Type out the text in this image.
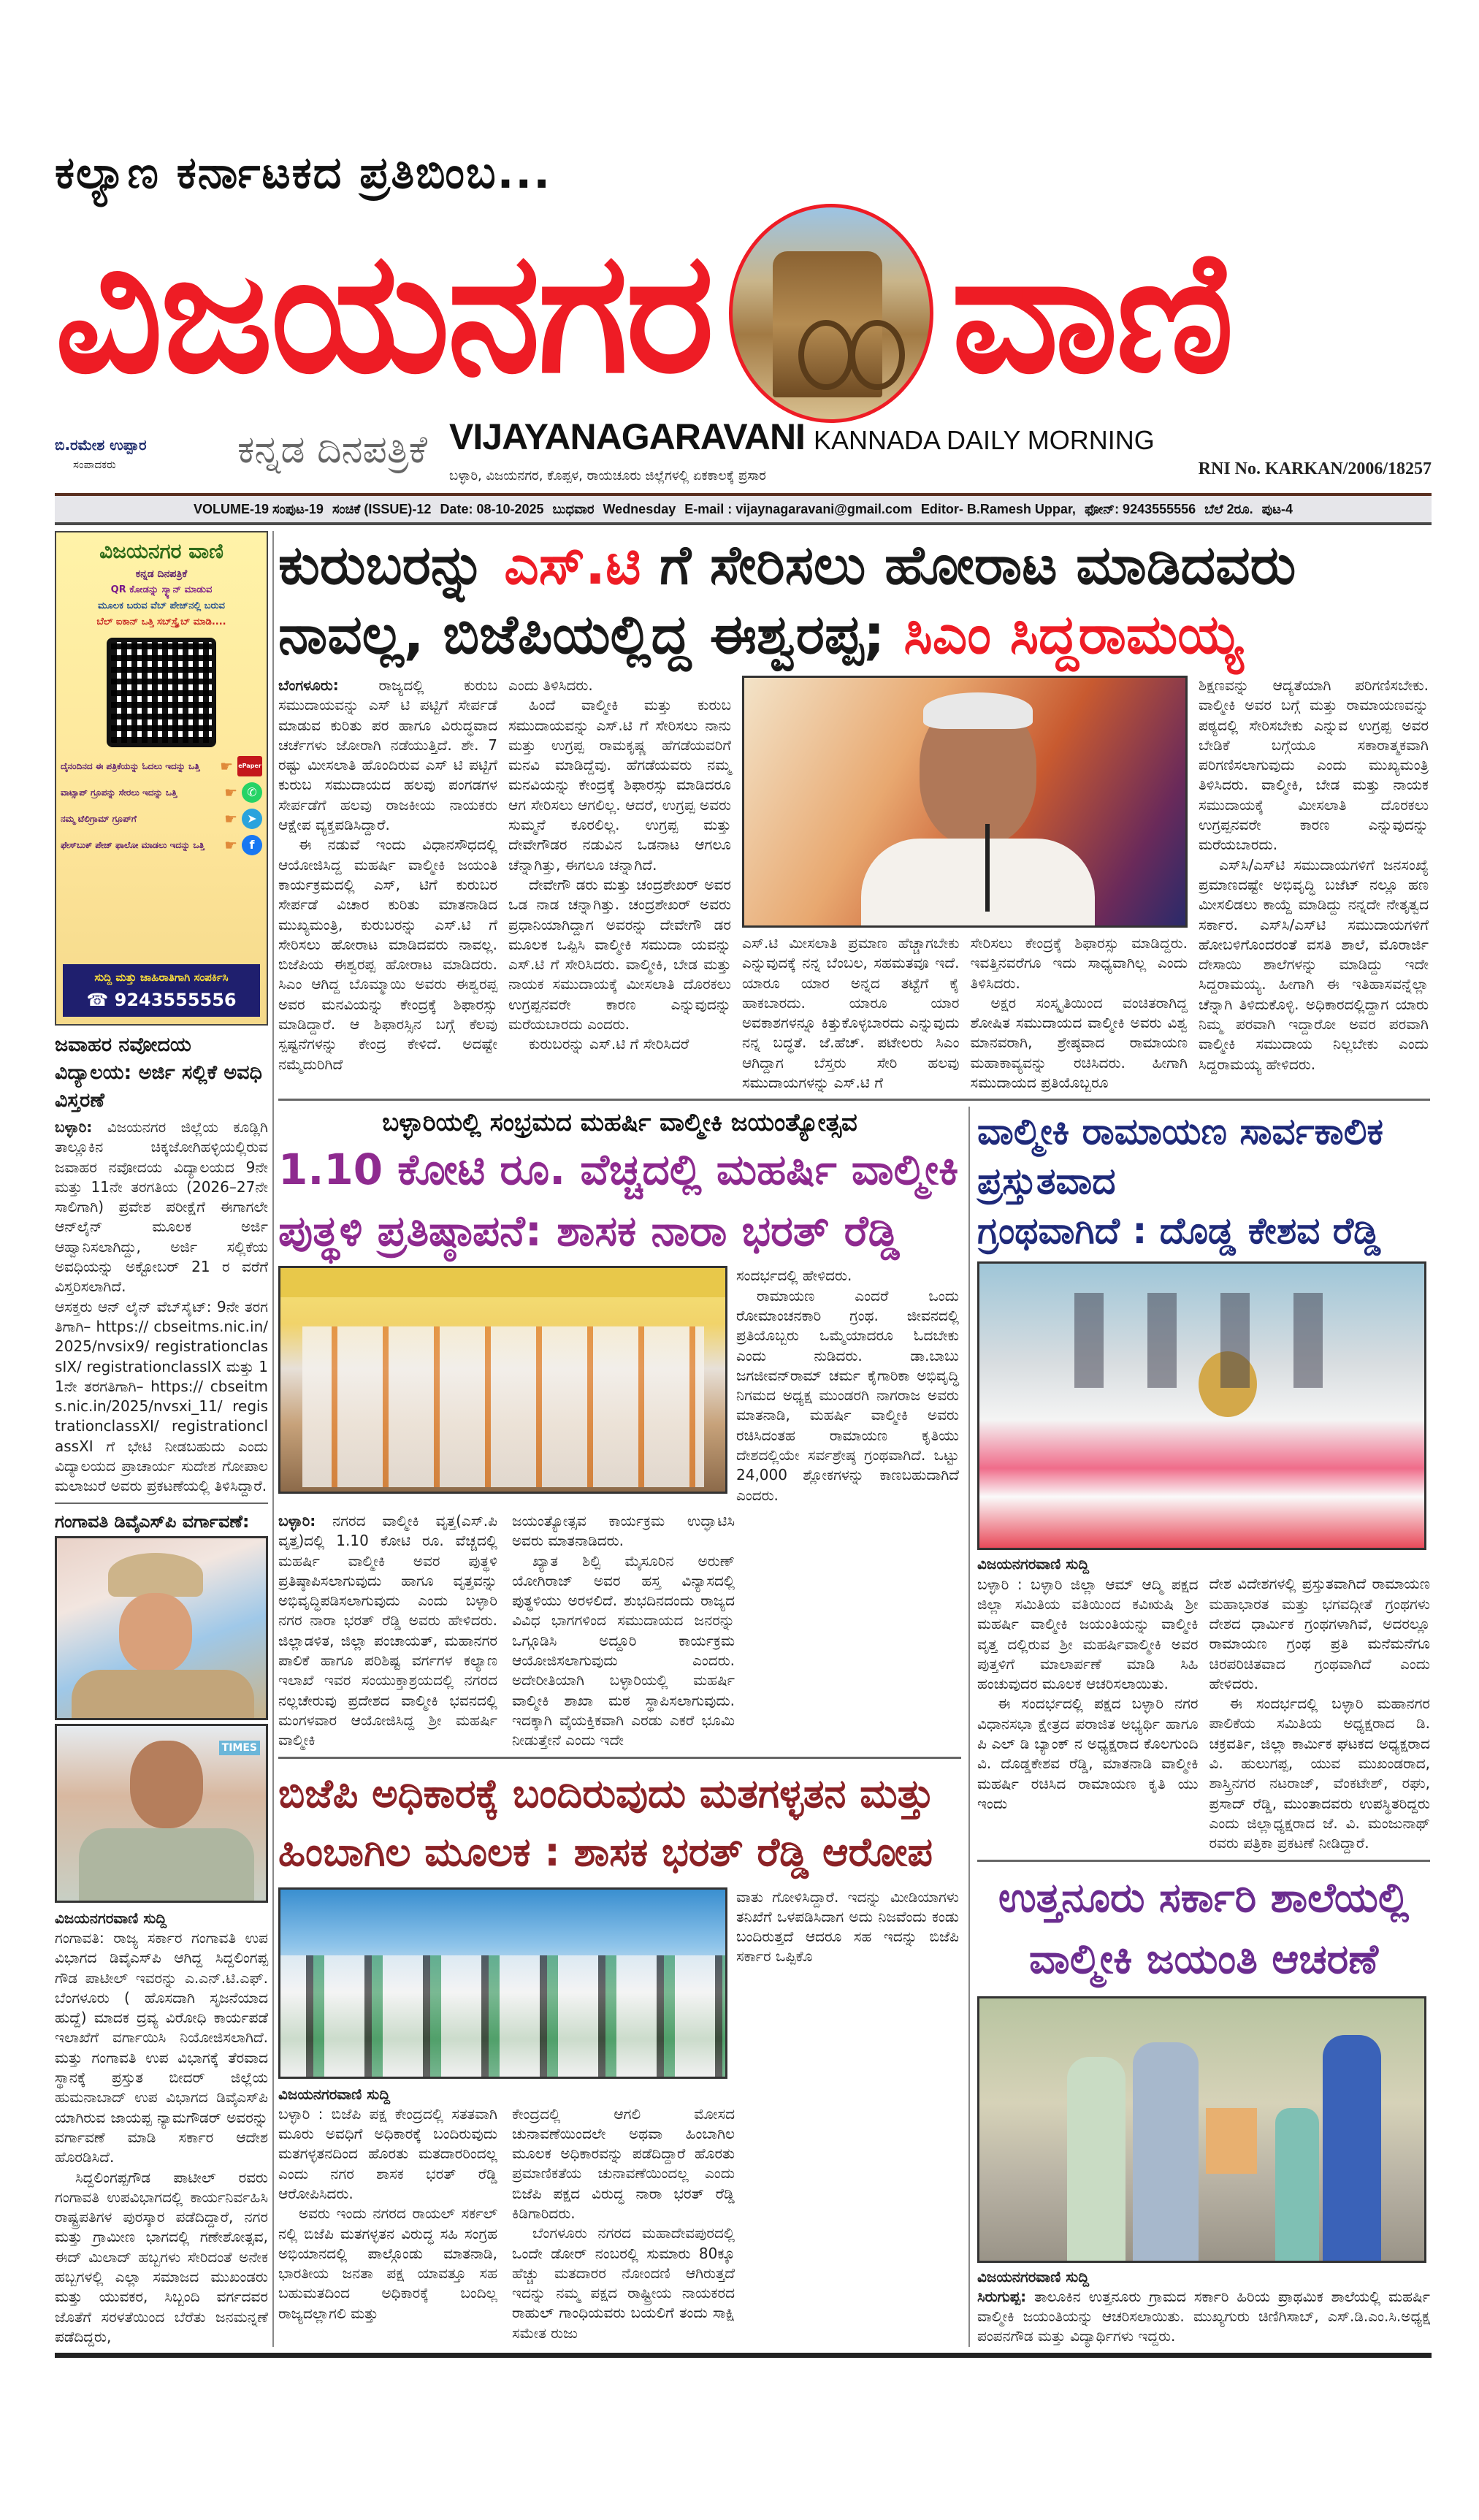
ಕಲ್ಯಾಣ ಕರ್ನಾಟಕದ ಪ್ರತಿಬಿಂಬ...
ವಿಜಯನಗರ ವಾಣಿ
ಬಿ.ರಮೇಶ ಉಪ್ಪಾರ
ಸಂಪಾದಕರು	ಕನ್ನಡ ದಿನಪತ್ರಿಕೆ VIJAYANAGARAVANI KANNADA DAILY MORNING
ಬಳ್ಳಾರಿ, ವಿಜಯನಗರ, ಕೊಪ್ಪಳ, ರಾಯಚೂರು ಜಿಲ್ಲೆಗಳಲ್ಲಿ ಏಕಕಾಲಕ್ಕೆ ಪ್ರಸಾರ	RNI No. KARKAN/2006/18257
VOLUME-19 ಸಂಪುಟ-19 ಸಂಚಿಕೆ (ISSUE)-12 Date: 08-10-2025 ಬುಧವಾರ Wednesday E-mail : vijaynagaravani@gmail.com Editor- B.Ramesh Uppar, ಫೋನ್: 9243555556 ಬೆಲೆ 2ರೂ. ಪುಟ-4
ವಿಜಯನಗರ ವಾಣಿ
ಕನ್ನಡ ದಿನಪತ್ರಿಕೆ
QR ಕೋಡನ್ನು ಸ್ಕ್ಯಾನ್ ಮಾಡುವ
ಮೂಲಕ ಬರುವ ವೆಬ್ ಪೇಜ್‌ನಲ್ಲಿ ಬರುವ
ಬೆಲ್ ಐಕಾನ್ ಒತ್ತಿ ಸಬ್‌ಸ್ಕ್ರೈಬ್ ಮಾಡಿ....
ದೈನಂದಿನದ ಈ ಪತ್ರಿಕೆಯನ್ನು ಓದಲು ಇದನ್ನು ಒತ್ತಿ	☛ ePaper
ವಾಟ್ಸಾಪ್ ಗ್ರೂಪನ್ನು ಸೇರಲು ಇದನ್ನು ಒತ್ತಿ	☛ ✆
ನಮ್ಮ ಟೆಲಿಗ್ರಾಮ್ ಗ್ರೂಪ್‌ಗೆ	☛ ➤
ಫೇಸ್‌ಬುಕ್ ಪೇಜ್ ಫಾಲೋ ಮಾಡಲು ಇದನ್ನು ಒತ್ತಿ	☛	f
ಸುದ್ದಿ ಮತ್ತು ಜಾಹಿರಾತಿಗಾಗಿ ಸಂಪರ್ಕಿಸಿ
☎ 9243555556
ಜವಾಹರ ನವೋದಯ ವಿದ್ಯಾಲಯ: ಅರ್ಜಿ ಸಲ್ಲಿಕೆ ಅವಧಿ ವಿಸ್ತರಣೆ

ಬಳ್ಳಾರಿ: ವಿಜಯನಗರ ಜಿಲ್ಲೆಯ ಕೂಡ್ಲಿಗಿ ತಾಲ್ಲೂಕಿನ ಚಿಕ್ಕಜೋಗಿಹಳ್ಳಿಯಲ್ಲಿರುವ ಜವಾಹರ ನವೋದಯ ವಿದ್ಯಾಲಯದ 9ನೇ ಮತ್ತು 11ನೇ ತರಗತಿಯ (2026–27ನೇ ಸಾಲಿಗಾಗಿ) ಪ್ರವೇಶ ಪರೀಕ್ಷೆಗೆ ಈಗಾಗಲೇ ಆನ್‌ಲೈನ್ ಮೂಲಕ ಅರ್ಜಿ ಆಹ್ವಾನಿಸಲಾಗಿದ್ದು, ಅರ್ಜಿ ಸಲ್ಲಿಕೆಯ ಅವಧಿಯನ್ನು ಅಕ್ಟೋಬರ್ 21 ರ ವರೆಗೆ ವಿಸ್ತರಿಸಲಾಗಿದೆ.

ಆಸಕ್ತರು ಆನ್ ಲೈನ್ ವೆಬ್‌ಸೈಟ್: 9ನೇ ತರಗತಿಗಾಗಿ– https:// cbseitms.nic.in/2025/nvsix9/ registrationclassIX/ registrationclassIX ಮತ್ತು 11ನೇ ತರಗತಿಗಾಗಿ– https:// cbseitms.nic.in/2025/nvsxi_11/ registrationclassXI/ registrationclassXI ಗೆ ಭೇಟಿ ನೀಡಬಹುದು ಎಂದು ವಿದ್ಯಾಲಯದ ಪ್ರಾಚಾರ್ಯ ಸುದೇಶ ಗೋಪಾಲ ಮಲಾಜುರೆ ಅವರು ಪ್ರಕಟಣೆಯಲ್ಲಿ ತಿಳಿಸಿದ್ದಾರೆ.

ಗಂಗಾವತಿ ಡಿವೈಎಸ್‌ಪಿ ವರ್ಗಾವಣೆ:
TIMES

ವಿಜಯನಗರವಾಣಿ ಸುದ್ದಿ

ಗಂಗಾವತಿ: ರಾಜ್ಯ ಸರ್ಕಾರ ಗಂಗಾವತಿ ಉಪ ವಿಭಾಗದ ಡಿವೈಎಸ್‌ಪಿ ಆಗಿದ್ದ ಸಿದ್ದಲಿಂಗಪ್ಪ ಗೌಡ ಪಾಟೀಲ್ ಇವರನ್ನು ಎ.ಎನ್.ಟಿ.ಎಫ್. ಬೆಂಗಳೂರು ( ಹೊಸದಾಗಿ ಸೃಜನೆಯಾದ ಹುದ್ದೆ) ಮಾದಕ ದ್ರವ್ಯ ವಿರೋಧಿ ಕಾರ್ಯಪಡೆ ಇಲಾಖೆಗೆ ವರ್ಗಾಯಿಸಿ ನಿಯೋಜಿಸಲಾಗಿದೆ. ಮತ್ತು ಗಂಗಾವತಿ ಉಪ ವಿಭಾಗಕ್ಕೆ ತೆರವಾದ ಸ್ಥಾನಕ್ಕೆ ಪ್ರಸ್ತುತ ಬೀದರ್ ಜಿಲ್ಲೆಯ ಹುಮನಾಬಾದ್ ಉಪ ವಿಭಾಗದ ಡಿವೈಎಸ್‌ಪಿ ಯಾಗಿರುವ ಜಾಯಪ್ಪ ನ್ಯಾಮಗೌಡರ್ ಅವರನ್ನು ವರ್ಗಾವಣೆ ಮಾಡಿ ಸರ್ಕಾರ ಆದೇಶ ಹೊರಡಿಸಿದೆ.

ಸಿದ್ದಲಿಂಗಪ್ಪಗೌಡ ಪಾಟೀಲ್ ರವರು ಗಂಗಾವತಿ ಉಪವಿಭಾಗದಲ್ಲಿ ಕಾರ್ಯನಿರ್ವಹಿಸಿ ರಾಷ್ಟ್ರಪತಿಗಳ ಪುರಸ್ಕಾರ ಪಡೆದಿದ್ದಾರೆ, ನಗರ ಮತ್ತು ಗ್ರಾಮೀಣ ಭಾಗದಲ್ಲಿ ಗಣೇಶೋತ್ಸವ, ಈದ್ ಮಿಲಾದ್ ಹಬ್ಬಗಳು ಸೇರಿದಂತೆ ಅನೇಕ ಹಬ್ಬಗಳಲ್ಲಿ ಎಲ್ಲಾ ಸಮಾಜದ ಮುಖಂಡರು ಮತ್ತು ಯುವಕರ, ಸಿಬ್ಬಂದಿ ವರ್ಗದವರ ಜೊತೆಗೆ ಸರಳತೆಯಿಂದ ಬೆರೆತು ಜನಮನ್ನಣೆ ಪಡೆದಿದ್ದರು,

ಕುರುಬರನ್ನು ಎಸ್.ಟಿ ಗೆ ಸೇರಿಸಲು ಹೋರಾಟ ಮಾಡಿದವರು
ನಾವಲ್ಲ, ಬಿಜೆಪಿಯಲ್ಲಿದ್ದ ಈಶ್ವರಪ್ಪ; ಸಿಎಂ ಸಿದ್ದರಾಮಯ್ಯ

ಬೆಂಗಳೂರು:	ರಾಜ್ಯದಲ್ಲಿ ಕುರುಬ ಸಮುದಾಯವನ್ನು ಎಸ್ ಟಿ ಪಟ್ಟಿಗೆ ಸೇರ್ಪಡೆ ಮಾಡುವ ಕುರಿತು ಪರ ಹಾಗೂ ವಿರುದ್ಧವಾದ ಚರ್ಚೆಗಳು ಜೋರಾಗಿ ನಡೆಯುತ್ತಿದೆ. ಶೇ. 7 ರಷ್ಟು ಮೀಸಲಾತಿ ಹೊಂದಿರುವ ಎಸ್ ಟಿ ಪಟ್ಟಿಗೆ ಕುರುಬ ಸಮುದಾಯದ ಹಲವು ಪಂಗಡಗಳ ಸೇರ್ಪಡೆಗೆ ಹಲವು ರಾಜಕೀಯ ನಾಯಕರು ಆಕ್ಷೇಪ ವ್ಯಕ್ತಪಡಿಸಿದ್ದಾರೆ.

ಈ ನಡುವೆ ಇಂದು ವಿಧಾನಸೌಧದಲ್ಲಿ ಆಯೋಜಿಸಿದ್ದ ಮಹರ್ಷಿ ವಾಲ್ಮೀಕಿ ಜಯಂತಿ ಕಾರ್ಯಕ್ರಮದಲ್ಲಿ ಎಸ್, ಟಿಗೆ ಕುರುಬರ ಸೇರ್ಪಡೆ ವಿಚಾರ ಕುರಿತು ಮಾತನಾಡಿದ ಮುಖ್ಯಮಂತ್ರಿ, ಕುರುಬರನ್ನು ಎಸ್.ಟಿ ಗೆ ಸೇರಿಸಲು ಹೋರಾಟ ಮಾಡಿದವರು ನಾವಲ್ಲ. ಬಿಜೆಪಿಯ ಈಶ್ವರಪ್ಪ ಹೋರಾಟ ಮಾಡಿದರು. ಸಿಎಂ ಆಗಿದ್ದ ಬೊಮ್ಮಾಯಿ ಅವರು ಈಶ್ವರಪ್ಪ ಅವರ ಮನವಿಯನ್ನು ಕೇಂದ್ರಕ್ಕೆ ಶಿಫಾರಸ್ಸು ಮಾಡಿದ್ದಾರೆ. ಆ ಶಿಫಾರಸ್ಸಿನ ಬಗ್ಗೆ ಕೆಲವು ಸ್ಪಷ್ಟನೆಗಳನ್ನು ಕೇಂದ್ರ ಕೇಳಿದೆ. ಅದಷ್ಟೇ ನಮ್ಮೆದುರಿಗಿದೆ

ಎಂದು ತಿಳಿಸಿದರು.

ಹಿಂದೆ ವಾಲ್ಮೀಕಿ ಮತ್ತು ಕುರುಬ ಸಮುದಾಯವನ್ನು ಎಸ್.ಟಿ ಗೆ ಸೇರಿಸಲು ನಾನು ಮತ್ತು ಉಗ್ರಪ್ಪ ರಾಮಕೃಷ್ಣ ಹೆಗಡೆಯವರಿಗೆ ಮನವಿ ಮಾಡಿದ್ದೆವು. ಹೆಗಡೆಯವರು ನಮ್ಮ ಮನವಿಯನ್ನು ಕೇಂದ್ರಕ್ಕೆ ಶಿಫಾರಸ್ಸು ಮಾಡಿದರೂ ಆಗ ಸೇರಿಸಲು ಆಗಲಿಲ್ಲ. ಆದರೆ, ಉಗ್ರಪ್ಪ ಅವರು ಸುಮ್ಮನೆ ಕೂರಲಿಲ್ಲ. ಉಗ್ರಪ್ಪ ಮತ್ತು ದೇವೇಗೌಡರ ನಡುವಿನ ಒಡನಾಟ ಆಗಲೂ ಚೆನ್ನಾಗಿತ್ತು, ಈಗಲೂ ಚನ್ನಾಗಿದೆ.

ದೇವೇಗೌ ಡರು ಮತ್ತು ಚಂದ್ರಶೇಖರ್ ಅವರ ಒಡ ನಾಡ ಚನ್ನಾಗಿತ್ತು. ಚಂದ್ರಶೇಖರ್ ಅವರು ಪ್ರಧಾನಿಯಾಗಿದ್ದಾಗ ಅವರನ್ನು ದೇವೇಗೌ ಡರ ಮೂಲಕ ಒಪ್ಪಿಸಿ ವಾಲ್ಮೀಕಿ ಸಮುದಾ ಯವನ್ನು ಎಸ್.ಟಿ ಗೆ ಸೇರಿಸಿದರು. ವಾಲ್ಮೀಕಿ, ಬೇಡ ಮತ್ತು ನಾಯಕ ಸಮುದಾಯಕ್ಕೆ ಮೀಸಲಾತಿ ದೊರಕಲು ಉಗ್ರಪ್ಪನವರೇ ಕಾರಣ ಎನ್ನುವುದನ್ನು ಮರೆಯಬಾರದು ಎಂದರು.

ಕುರುಬರನ್ನು ಎಸ್.ಟಿ ಗೆ ಸೇರಿಸಿದರೆ

ಎಸ್.ಟಿ ಮೀಸಲಾತಿ ಪ್ರಮಾಣ ಹೆಚ್ಚಾಗಬೇಕು ಎನ್ನುವುದಕ್ಕೆ ನನ್ನ ಬೆಂಬಲ, ಸಹಮತವೂ ಇದೆ. ಯಾರೂ ಯಾರ ಅನ್ನದ ತಟ್ಟೆಗೆ ಕೈ ಹಾಕಬಾರದು. ಯಾರೂ ಯಾರ ಅವಕಾಶಗಳನ್ನೂ ಕಿತ್ತುಕೊಳ್ಳಬಾರದು ಎನ್ನುವುದು ನನ್ನ ಬದ್ಧತೆ. ಜೆ.ಹೆಚ್. ಪಟೇಲರು ಸಿಎಂ ಆಗಿದ್ದಾಗ ಬೆಸ್ತರು ಸೇರಿ ಹಲವು ಸಮುದಾಯಗಳನ್ನು ಎಸ್.ಟಿ ಗೆ

ಸೇರಿಸಲು ಕೇಂದ್ರಕ್ಕೆ ಶಿಫಾರಸ್ಸು ಮಾಡಿದ್ದರು. ಇವತ್ತಿನವರೆಗೂ ಇದು ಸಾಧ್ಯವಾಗಿಲ್ಲ ಎಂದು ತಿಳಿಸಿದರು.

ಅಕ್ಷರ ಸಂಸ್ಕೃತಿಯಿಂದ ವಂಚಿತರಾಗಿದ್ದ ಶೋಷಿತ ಸಮುದಾಯದ ವಾಲ್ಮೀಕಿ ಅವರು ವಿಶ್ವ ಮಾನವರಾಗಿ, ಶ್ರೇಷ್ಠವಾದ ರಾಮಾಯಣ ಮಹಾಕಾವ್ಯವನ್ನು ರಚಿಸಿದರು. ಹೀಗಾಗಿ ಸಮುದಾಯದ ಪ್ರತಿಯೊಬ್ಬರೂ

ಶಿಕ್ಷಣವನ್ನು ಆದ್ಯತೆಯಾಗಿ ಪರಿಗಣಿಸಬೇಕು. ವಾಲ್ಮೀಕಿ ಅವರ ಬಗ್ಗೆ ಮತ್ತು ರಾಮಾಯಣವನ್ನು ಪಠ್ಯದಲ್ಲಿ ಸೇರಿಸಬೇಕು ಎನ್ನುವ ಉಗ್ರಪ್ಪ ಅವರ ಬೇಡಿಕೆ ಬಗ್ಗೆಯೂ ಸಕಾರಾತ್ಮಕವಾಗಿ ಪರಿಗಣಿಸಲಾಗುವುದು ಎಂದು ಮುಖ್ಯಮಂತ್ರಿ ತಿಳಿಸಿದರು. ವಾಲ್ಮೀಕಿ, ಬೇಡ ಮತ್ತು ನಾಯಕ ಸಮುದಾಯಕ್ಕೆ ಮೀಸಲಾತಿ ದೊರಕಲು ಉಗ್ರಪ್ಪನವರೇ ಕಾರಣ ಎನ್ನುವುದನ್ನು ಮರೆಯಬಾರದು.

ಎಸ್‌ಸಿ/ಎಸ್‌ಟಿ ಸಮುದಾಯಗಳಿಗೆ ಜನಸಂಖ್ಯೆ ಪ್ರಮಾಣದಷ್ಟೇ ಅಭಿವೃದ್ಧಿ ಬಜೆಟ್ ನಲ್ಲೂ ಹಣ ಮೀಸಲಿಡಲು ಕಾಯ್ದೆ ಮಾಡಿದ್ದು ನನ್ನದೇ ನೇತೃತ್ವದ ಸರ್ಕಾರ. ಎಸ್‌ಸಿ/ಎಸ್‌ಟಿ ಸಮುದಾಯಗಳಿಗೆ ಹೋಬಳಿಗೊಂದರಂತೆ ವಸತಿ ಶಾಲೆ, ಮೊರಾರ್ಜಿ ದೇಸಾಯಿ ಶಾಲೆಗಳನ್ನು ಮಾಡಿದ್ದು ಇದೇ ಸಿದ್ದರಾಮಯ್ಯ. ಹೀಗಾಗಿ ಈ ಇತಿಹಾಸವನ್ನೆಲ್ಲಾ ಚೆನ್ನಾಗಿ ತಿಳಿದುಕೊಳ್ಳಿ. ಅಧಿಕಾರದಲ್ಲಿದ್ದಾಗ ಯಾರು ನಿಮ್ಮ ಪರವಾಗಿ ಇದ್ದಾರೋ ಅವರ ಪರವಾಗಿ ವಾಲ್ಮೀಕಿ ಸಮುದಾಯ ನಿಲ್ಲಬೇಕು ಎಂದು ಸಿದ್ದರಾಮಯ್ಯ ಹೇಳಿದರು.

ಬಳ್ಳಾರಿಯಲ್ಲಿ ಸಂಭ್ರಮದ ಮಹರ್ಷಿ ವಾಲ್ಮೀಕಿ ಜಯಂತ್ಯೋತ್ಸವ
1.10 ಕೋಟಿ ರೂ. ವೆಚ್ಚದಲ್ಲಿ ಮಹರ್ಷಿ ವಾಲ್ಮೀಕಿ
ಪುತ್ಥಳಿ ಪ್ರತಿಷ್ಠಾಪನೆ: ಶಾಸಕ ನಾರಾ ಭರತ್ ರೆಡ್ಡಿ

ಸಂದರ್ಭದಲ್ಲಿ ಹೇಳಿದರು.

ರಾಮಾಯಣ ಎಂದರೆ ಒಂದು ರೋಮಾಂಚನಕಾರಿ ಗ್ರಂಥ. ಜೀವನದಲ್ಲಿ ಪ್ರತಿಯೊಬ್ಬರು ಒಮ್ಮೆಯಾದರೂ ಓದಬೇಕು ಎಂದು ನುಡಿದರು. ಡಾ.ಬಾಬು ಜಗಜೀವನ್‌ರಾಮ್ ಚರ್ಮ ಕೈಗಾರಿಕಾ ಅಭಿವೃದ್ಧಿ ನಿಗಮದ ಅಧ್ಯಕ್ಷ ಮುಂಡರಗಿ ನಾಗರಾಜ ಅವರು ಮಾತನಾಡಿ, ಮಹರ್ಷಿ ವಾಲ್ಮೀಕಿ ಅವರು ರಚಿಸಿದಂತಹ ರಾಮಾಯಣ ಕೃತಿಯು ದೇಶದಲ್ಲಿಯೇ ಸರ್ವಶ್ರೇಷ್ಠ ಗ್ರಂಥವಾಗಿದೆ. ಒಟ್ಟು 24,000 ಶ್ಲೋಕಗಳನ್ನು ಕಾಣಬಹುದಾಗಿದೆ ಎಂದರು.

ಬಳ್ಳಾರಿ: ನಗರದ ವಾಲ್ಮೀಕಿ ವೃತ್ತ(ಎಸ್.ಪಿ ವೃತ್ತ)ದಲ್ಲಿ 1.10 ಕೋಟಿ ರೂ. ವೆಚ್ಚದಲ್ಲಿ ಮಹರ್ಷಿ ವಾಲ್ಮೀಕಿ ಅವರ ಪುತ್ಥಳಿ ಪ್ರತಿಷ್ಠಾಪಿಸಲಾಗುವುದು ಹಾಗೂ ವೃತ್ತವನ್ನು ಅಭಿವೃದ್ಧಿಪಡಿಸಲಾಗುವುದು ಎಂದು ಬಳ್ಳಾರಿ ನಗರ ನಾರಾ ಭರತ್ ರೆಡ್ಡಿ ಅವರು ಹೇಳಿದರು. ಜಿಲ್ಲಾಡಳಿತ, ಜಿಲ್ಲಾ ಪಂಚಾಯತ್, ಮಹಾನಗರ ಪಾಲಿಕೆ ಹಾಗೂ ಪರಿಶಿಷ್ಟ ವರ್ಗಗಳ ಕಲ್ಯಾಣ ಇಲಾಖೆ ಇವರ ಸಂಯುಕ್ತಾಶ್ರಯದಲ್ಲಿ ನಗರದ ನಲ್ಲಚೇರುವು ಪ್ರದೇಶದ ವಾಲ್ಮೀಕಿ ಭವನದಲ್ಲಿ ಮಂಗಳವಾರ ಆಯೋಜಿಸಿದ್ದ ಶ್ರೀ ಮಹರ್ಷಿ ವಾಲ್ಮೀಕಿ

ಜಯಂತ್ಯೋತ್ಸವ ಕಾರ್ಯಕ್ರಮ ಉದ್ಘಾಟಿಸಿ ಅವರು ಮಾತನಾಡಿದರು.

ಖ್ಯಾತ ಶಿಲ್ಪಿ ಮೈಸೂರಿನ ಅರುಣ್ ಯೋಗಿರಾಜ್ ಅವರ ಹಸ್ತ ವಿನ್ಯಾಸದಲ್ಲಿ ಪುತ್ಥಳಿಯು ಅರಳಲಿದೆ. ಶುಭದಿನದಂದು ರಾಜ್ಯದ ವಿವಿಧ ಭಾಗಗಳಿಂದ ಸಮುದಾಯದ ಜನರನ್ನು ಒಗ್ಗೂಡಿಸಿ ಅದ್ದೂರಿ ಕಾರ್ಯಕ್ರಮ ಆಯೋಜಿಸಲಾಗುವುದು ಎಂದರು. ಅದೇರೀತಿಯಾಗಿ ಬಳ್ಳಾರಿಯಲ್ಲಿ ಮಹರ್ಷಿ ವಾಲ್ಮೀಕಿ ಶಾಖಾ ಮಠ ಸ್ಥಾಪಿಸಲಾಗುವುದು. ಇದಕ್ಕಾಗಿ ವೈಯಕ್ತಿಕವಾಗಿ ಎರಡು ಎಕರೆ ಭೂಮಿ ನೀಡುತ್ತೇನೆ ಎಂದು ಇದೇ

ಬಿಜೆಪಿ ಅಧಿಕಾರಕ್ಕೆ ಬಂದಿರುವುದು ಮತಗಳ್ಳತನ ಮತ್ತು
ಹಿಂಬಾಗಿಲ ಮೂಲಕ : ಶಾಸಕ ಭರತ್ ರೆಡ್ಡಿ ಆರೋಪ

ವಾತು ಗೋಳಿಸಿದ್ದಾರೆ. ಇದನ್ನು ಮೀಡಿಯಾಗಳು ತನಿಖೆಗೆ ಒಳಪಡಿಸಿದಾಗ ಅದು ನಿಜವೆಂದು ಕಂಡು ಬಂದಿರುತ್ತದೆ ಆದರೂ ಸಹ ಇದನ್ನು ಬಿಜೆಪಿ ಸರ್ಕಾರ ಒಪ್ಪಿಕೊ

ವಿಜಯನಗರವಾಣಿ ಸುದ್ದಿ

ಬಳ್ಳಾರಿ : ಬಿಜೆಪಿ ಪಕ್ಷ ಕೇಂದ್ರದಲ್ಲಿ ಸತತವಾಗಿ ಮೂರು ಅವಧಿಗೆ ಅಧಿಕಾರಕ್ಕೆ ಬಂದಿರುವುದು ಮತಗಳ್ಳತನದಿಂದ ಹೊರತು ಮತದಾರರಿಂದಲ್ಲ ಎಂದು ನಗರ ಶಾಸಕ ಭರತ್ ರೆಡ್ಡಿ ಆರೋಪಿಸಿದರು.

ಅವರು ಇಂದು ನಗರದ ರಾಯಲ್ ಸರ್ಕಲ್ ನಲ್ಲಿ ಬಿಜೆಪಿ ಮತಗಳ್ಳತನ ವಿರುದ್ಧ ಸಹಿ ಸಂಗ್ರಹ ಅಭಿಯಾನದಲ್ಲಿ ಪಾಲ್ಗೊಂಡು ಮಾತನಾಡಿ, ಭಾರತೀಯ ಜನತಾ ಪಕ್ಷ ಯಾವತ್ತೂ ಸಹ ಬಹುಮತದಿಂದ ಅಧಿಕಾರಕ್ಕೆ ಬಂದಿಲ್ಲ ರಾಜ್ಯದಲ್ಲಾಗಲಿ ಮತ್ತು

ಕೇಂದ್ರದಲ್ಲಿ ಆಗಲಿ ಮೋಸದ ಚುನಾವಣೆಯಿಂದಲೇ ಅಥವಾ ಹಿಂಬಾಗಿಲ ಮೂಲಕ ಅಧಿಕಾರವನ್ನು ಪಡೆದಿದ್ದಾರೆ ಹೊರತು ಪ್ರಮಾಣಿಕತೆಯ ಚುನಾವಣೆಯಿಂದಲ್ಲ ಎಂದು ಬಿಜೆಪಿ ಪಕ್ಷದ ವಿರುದ್ಧ ನಾರಾ ಭರತ್ ರೆಡ್ಡಿ ಕಿಡಿಗಾರಿದರು.

ಬೆಂಗಳೂರು ನಗರದ ಮಹಾದೇವಪುರದಲ್ಲಿ ಒಂದೇ ಡೋರ್ ನಂಬರಲ್ಲಿ ಸುಮಾರು 80ಕ್ಕೂ ಹೆಚ್ಚು ಮತದಾರರ ನೋಂದಣಿ ಆಗಿರುತ್ತದೆ ಇದನ್ನು ನಮ್ಮ ಪಕ್ಷದ ರಾಷ್ಟ್ರೀಯ ನಾಯಕರದ ರಾಹುಲ್ ಗಾಂಧಿಯವರು ಬಯಲಿಗೆ ತಂದು ಸಾಕ್ಷಿ ಸಮೇತ ರುಜು

ವಾಲ್ಮೀಕಿ ರಾಮಾಯಣ ಸಾರ್ವಕಾಲಿಕ ಪ್ರಸ್ತುತವಾದ
ಗ್ರಂಥವಾಗಿದೆ : ದೊಡ್ಡ ಕೇಶವ ರೆಡ್ಡಿ

ವಿಜಯನಗರವಾಣಿ ಸುದ್ದಿ

ಬಳ್ಳಾರಿ : ಬಳ್ಳಾರಿ ಜಿಲ್ಲಾ ಆಮ್ ಆದ್ಮಿ ಪಕ್ಷದ ಜಿಲ್ಲಾ ಸಮಿತಿಯ ವತಿಯಿಂದ ಕವಿಋಷಿ ಶ್ರೀ ಮಹರ್ಷಿ ವಾಲ್ಮೀಕಿ ಜಯಂತಿಯನ್ನು ವಾಲ್ಮೀಕಿ ವೃತ್ತ ದಲ್ಲಿರುವ ಶ್ರೀ ಮಹರ್ಷಿವಾಲ್ಮೀಕಿ ಅವರ ಪುತ್ತಳಿಗೆ ಮಾಲಾರ್ಪಣೆ ಮಾಡಿ ಸಿಹಿ ಹಂಚುವುದರ ಮೂಲಕ ಆಚರಿಸಲಾಯಿತು.

ಈ ಸಂದರ್ಭದಲ್ಲಿ ಪಕ್ಷದ ಬಳ್ಳಾರಿ ನಗರ ವಿಧಾನಸಭಾ ಕ್ಷೇತ್ರದ ಪರಾಜಿತ ಅಭ್ಯರ್ಥಿ ಹಾಗೂ ಪಿ ಎಲ್ ಡಿ ಬ್ಯಾಂಕ್ ನ ಅಧ್ಯಕ್ಷರಾದ ಕೊಲಗುಂದಿ ವಿ. ದೊಡ್ಡಕೇಶವ ರೆಡ್ಡಿ, ಮಾತನಾಡಿ ವಾಲ್ಮೀಕಿ ಮಹರ್ಷಿ ರಚಿಸಿದ ರಾಮಾಯಣ ಕೃತಿ ಯು ಇಂದು

ದೇಶ ವಿದೇಶಗಳಲ್ಲಿ ಪ್ರಸ್ತುತವಾಗಿದೆ ರಾಮಾಯಣ ಮಹಾಭಾರತ ಮತ್ತು ಭಗವದ್ಗೀತೆ ಗ್ರಂಥಗಳು ದೇಶದ ಧಾರ್ಮಿಕ ಗ್ರಂಥಗಳಾಗಿವೆ, ಅದರಲ್ಲೂ ರಾಮಾಯಣ ಗ್ರಂಥ ಪ್ರತಿ ಮನೆಮನೆಗೂ ಚಿರಪರಿಚಿತವಾದ ಗ್ರಂಥವಾಗಿದೆ ಎಂದು ಹೇಳಿದರು.

ಈ ಸಂದರ್ಭದಲ್ಲಿ ಬಳ್ಳಾರಿ ಮಹಾನಗರ ಪಾಲಿಕೆಯ ಸಮಿತಿಯ ಅಧ್ಯಕ್ಷರಾದ ಡಿ. ಚಕ್ರವರ್ತಿ, ಜಿಲ್ಲಾ ಕಾರ್ಮಿಕ ಘಟಕದ ಅಧ್ಯಕ್ಷರಾದ ವಿ. ಹುಲುಗಪ್ಪ, ಯುವ ಮುಖಂಡರಾದ, ಶಾಸ್ತ್ರಿನಗರ ನಟರಾಜ್, ವೆಂಕಟೇಶ್, ರಘು, ಪ್ರಸಾದ್ ರೆಡ್ಡಿ, ಮುಂತಾದವರು ಉಪಸ್ಥಿತರಿದ್ದರು ಎಂದು ಜಿಲ್ಲಾಧ್ಯಕ್ಷರಾದ ಜೆ. ವಿ. ಮಂಜುನಾಥ್ ರವರು ಪತ್ರಿಕಾ ಪ್ರಕಟಣೆ ನೀಡಿದ್ದಾರೆ.

ಉತ್ತನೂರು ಸರ್ಕಾರಿ ಶಾಲೆಯಲ್ಲಿ
ವಾಲ್ಮೀಕಿ ಜಯಂತಿ ಆಚರಣೆ

ವಿಜಯನಗರವಾಣಿ ಸುದ್ದಿ

ಸಿರುಗುಪ್ಪ: ತಾಲೂಕಿನ ಉತ್ತನೂರು ಗ್ರಾಮದ ಸರ್ಕಾರಿ ಹಿರಿಯ ಪ್ರಾಥಮಿಕ ಶಾಲೆಯಲ್ಲಿ ಮಹರ್ಷಿ ವಾಲ್ಮೀಕಿ ಜಯಂತಿಯನ್ನು ಆಚರಿಸಲಾಯಿತು. ಮುಖ್ಯಗುರು ಚಿಣಿಗಿಸಾಬ್, ಎಸ್.ಡಿ.ಎಂ.ಸಿ.ಅಧ್ಯಕ್ಷ ಪಂಪನಗೌಡ ಮತ್ತು ವಿದ್ಯಾರ್ಥಿಗಳು ಇದ್ದರು.
